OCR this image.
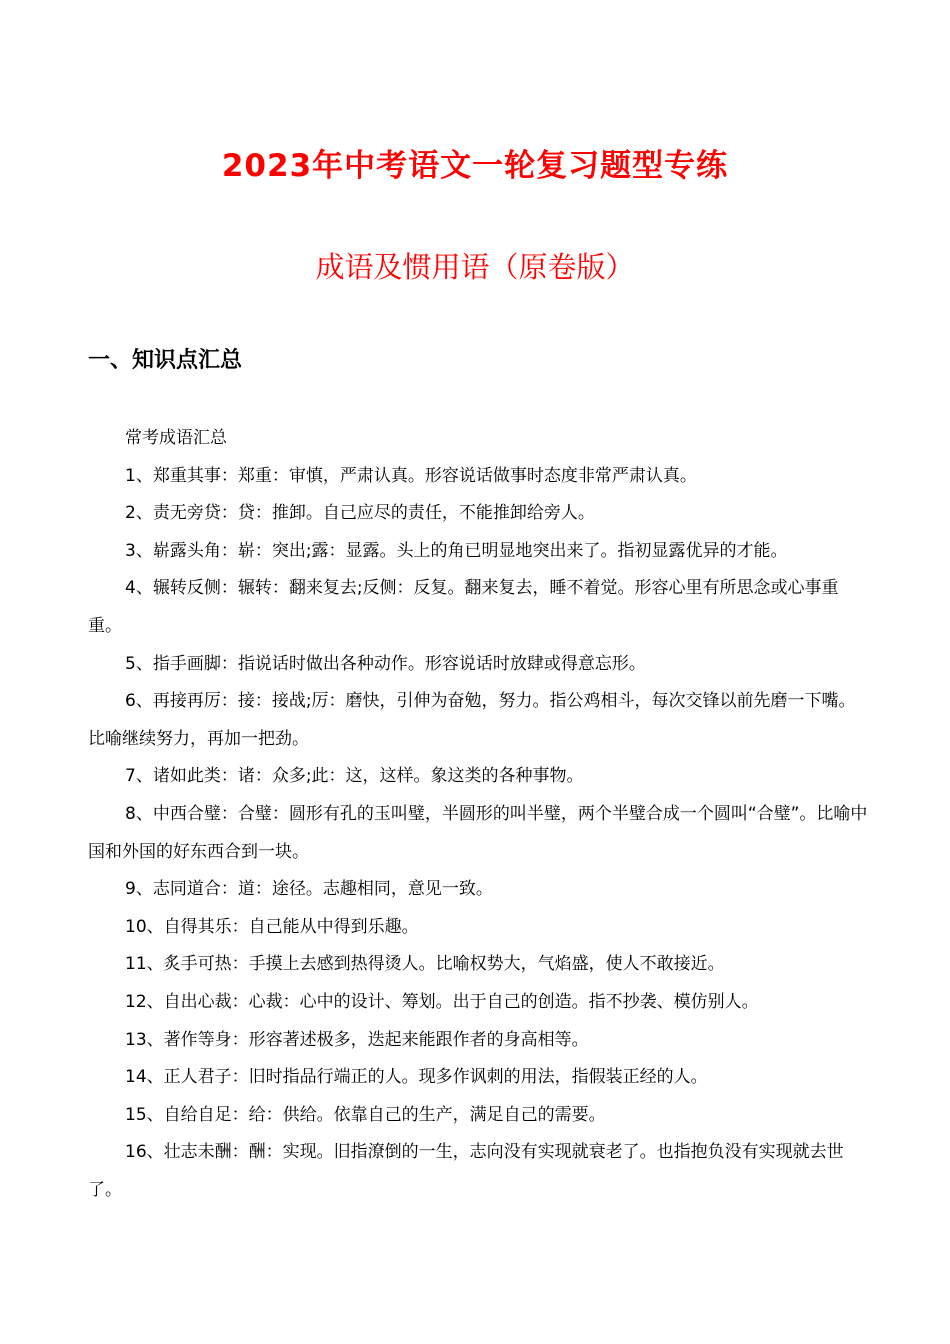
2023年中考语文一轮复习题型专练
成语及惯用语（原卷版）
一、知识点汇总

常考成语汇总

1、郑重其事：郑重：审慎，严肃认真。形容说话做事时态度非常严肃认真。

2、责无旁贷：贷：推卸。自己应尽的责任，不能推卸给旁人。

3、崭露头角：崭：突出;露：显露。头上的角已明显地突出来了。指初显露优异的才能。

4、辗转反侧：辗转：翻来复去;反侧：反复。翻来复去，睡不着觉。形容心里有所思念或心事重重。

5、指手画脚：指说话时做出各种动作。形容说话时放肆或得意忘形。

6、再接再厉：接：接战;厉：磨快，引伸为奋勉，努力。指公鸡相斗，每次交锋以前先磨一下嘴。比喻继续努力，再加一把劲。

7、诸如此类：诸：众多;此：这，这样。象这类的各种事物。

8、中西合璧：合璧：圆形有孔的玉叫璧，半圆形的叫半璧，两个半璧合成一个圆叫“合璧”。比喻中国和外国的好东西合到一块。

9、志同道合：道：途径。志趣相同，意见一致。

10、自得其乐：自己能从中得到乐趣。

11、炙手可热：手摸上去感到热得烫人。比喻权势大，气焰盛，使人不敢接近。

12、自出心裁：心裁：心中的设计、筹划。出于自己的创造。指不抄袭、模仿别人。

13、著作等身：形容著述极多，迭起来能跟作者的身高相等。

14、正人君子：旧时指品行端正的人。现多作讽刺的用法，指假装正经的人。

15、自给自足：给：供给。依靠自己的生产，满足自己的需要。

16、壮志未酬：酬：实现。旧指潦倒的一生，志向没有实现就衰老了。也指抱负没有实现就去世了。
